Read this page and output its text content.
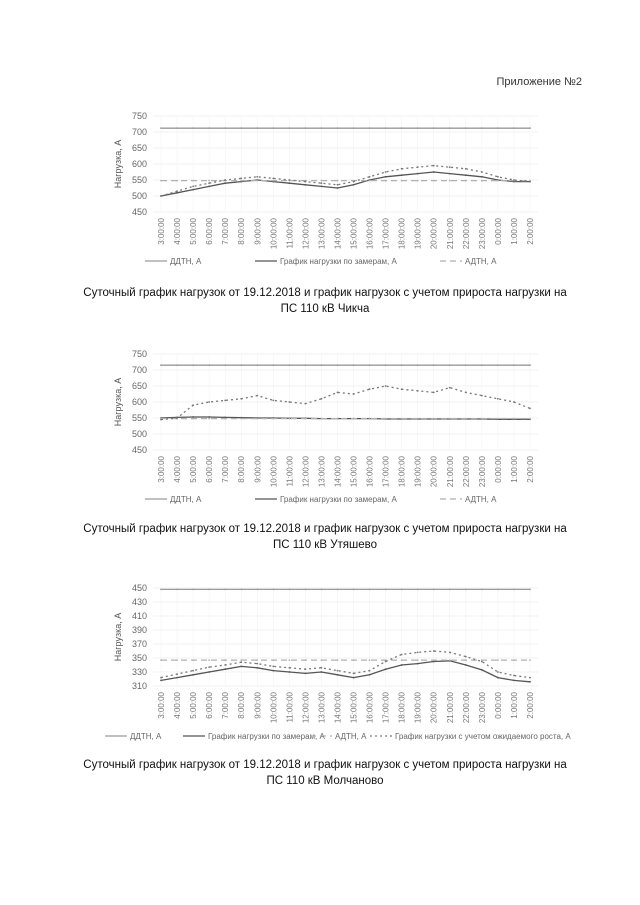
Приложение №2
Нагрузка, А
450
500
550
600
650
700
750
3:00:00 4:00:00 5:00:00 6:00:00 7:00:00 8:00:00 9:00:00 10:00:00 11:00:00 12:00:00 13:00:00 14:00:00 15:00:00 16:00:00 17:00:00 18:00:00 19:00:00 20:00:00 21:00:00 22:00:00 23:00:00 0:00:00 1:00:00 2:00:00
ДДТН, А	График нагрузки по замерам, А	АДТН, А
Суточный график нагрузок от 19.12.2018 и график нагрузок с учетом прироста нагрузки на
ПС 110 кВ Чикча
Нагрузка, А
450
500
550
600
650
700
750
3:00:00 4:00:00 5:00:00 6:00:00 7:00:00 8:00:00 9:00:00 10:00:00 11:00:00 12:00:00 13:00:00 14:00:00 15:00:00 16:00:00 17:00:00 18:00:00 19:00:00 20:00:00 21:00:00 22:00:00 23:00:00 0:00:00 1:00:00 2:00:00
ДДТН, А	График нагрузки по замерам, А	АДТН, А
Суточный график нагрузок от 19.12.2018 и график нагрузок с учетом прироста нагрузки на
ПС 110 кВ Утяшево
Нагрузка, А
310
330
350
370
390
410
430
450
3:00:00 4:00:00 5:00:00 6:00:00 7:00:00 8:00:00 9:00:00 10:00:00 11:00:00 12:00:00 13:00:00 14:00:00 15:00:00 16:00:00 17:00:00 18:00:00 19:00:00 20:00:00 21:00:00 22:00:00 23:00:00 0:00:00 1:00:00 2:00:00
ДДТН, А	График нагрузки по замерам, А АДТН, А	График нагрузки с учетом ожидаемого роста, А
Суточный график нагрузок от 19.12.2018 и график нагрузок с учетом прироста нагрузки на
ПС 110 кВ Молчаново
